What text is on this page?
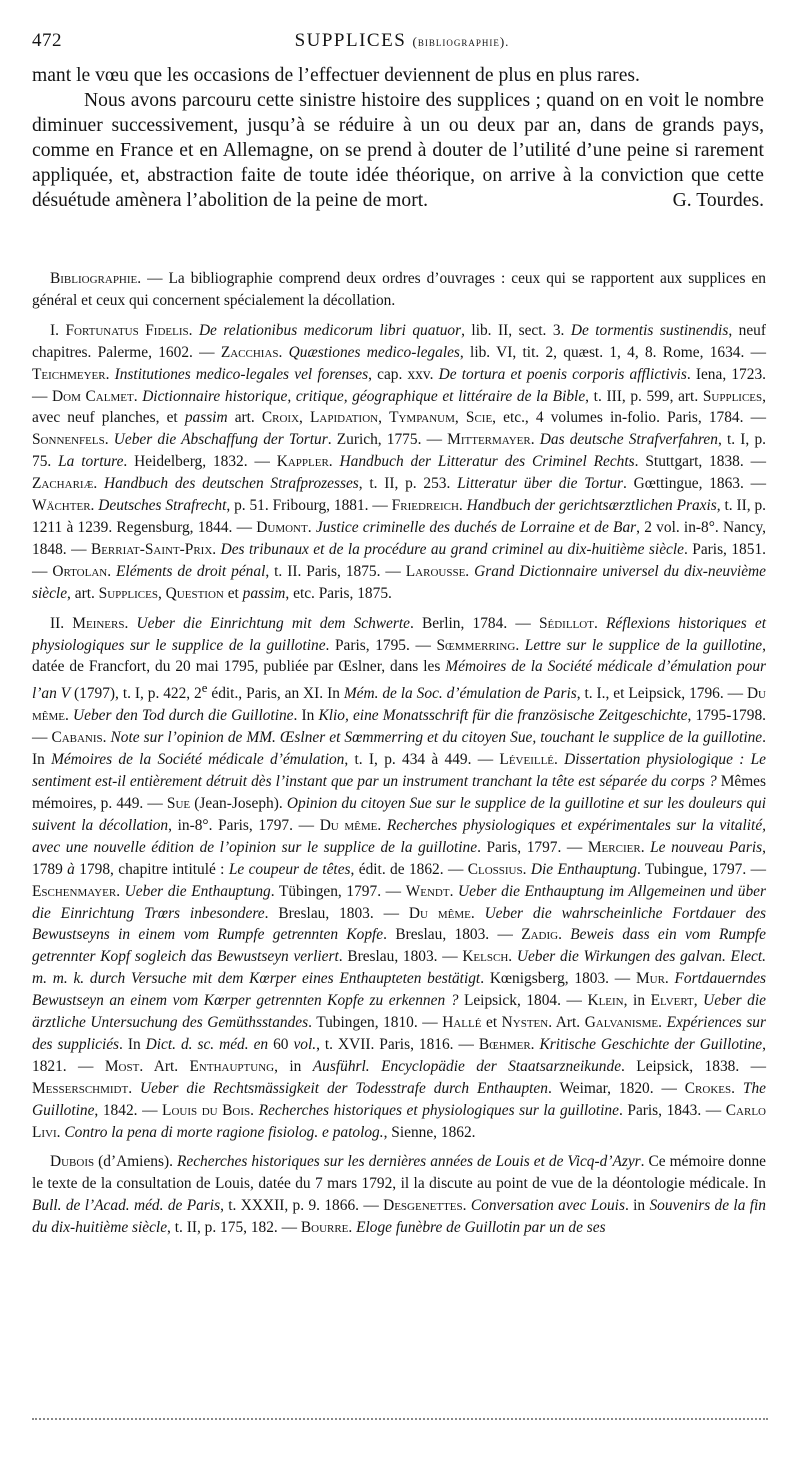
472	SUPPLICES (bibliographie).

mant le vœu que les occasions de l’effectuer deviennent de plus en plus rares.

Nous avons parcouru cette sinistre histoire des supplices ; quand on en voit le nombre diminuer successivement, jusqu’à se réduire à un ou deux par an, dans de grands pays, comme en France et en Allemagne, on se prend à douter de l’utilité d’une peine si rarement appliquée, et, abstraction faite de toute idée théorique, on arrive à la conviction que cette désuétude amènera l’abolition de la peine de mort.	G. Tourdes.

Bibliographie. — La bibliographie comprend deux ordres d’ouvrages : ceux qui se rapportent aux supplices en général et ceux qui concernent spécialement la décollation.

I. Fortunatus Fidelis. De relationibus medicorum libri quatuor, lib. II, sect. 3. De tormentis sustinendis, neuf chapitres. Palerme, 1602. — Zacchias. Quæstiones medico-legales, lib. VI, tit. 2, quæst. 1, 4, 8. Rome, 1634. — Teichmeyer. Institutiones medico-legales vel forenses, cap. xxv. De tortura et poenis corporis afflictivis. Iena, 1723. — Dom Calmet. Dictionnaire historique, critique, géographique et littéraire de la Bible, t. III, p. 599, art. Supplices, avec neuf planches, et passim art. Croix, Lapidation, Tympanum, Scie, etc., 4 volumes in-folio. Paris, 1784. — Sonnenfels. Ueber die Abschaffung der Tortur. Zurich, 1775. — Mittermayer. Das deutsche Strafverfahren, t. I, p. 75. La torture. Heidelberg, 1832. — Kappler. Handbuch der Litteratur des Criminel Rechts. Stuttgart, 1838. — Zachariæ. Handbuch des deutschen Strafprozesses, t. II, p. 253. Litteratur über die Tortur. Gœttingue, 1863. — Wächter. Deutsches Strafrecht, p. 51. Fribourg, 1881. — Friedreich. Handbuch der gerichtsærztlichen Praxis, t. II, p. 1211 à 1239. Regensburg, 1844. — Dumont. Justice criminelle des duchés de Lorraine et de Bar, 2 vol. in-8°. Nancy, 1848. — Berriat-Saint-Prix. Des tribunaux et de la procédure au grand criminel au dix-huitième siècle. Paris, 1851. — Ortolan. Eléments de droit pénal, t. II. Paris, 1875. — Larousse. Grand Dictionnaire universel du dix-neuvième siècle, art. Supplices, Question et passim, etc. Paris, 1875.

II. Meiners. Ueber die Einrichtung mit dem Schwerte. Berlin, 1784. — Sédillot. Réflexions historiques et physiologiques sur le supplice de la guillotine. Paris, 1795. — Sœmmerring. Lettre sur le supplice de la guillotine, datée de Francfort, du 20 mai 1795, publiée par Œslner, dans les Mémoires de la Société médicale d’émulation pour l’an V (1797), t. I, p. 422, 2e édit., Paris, an XI. In Mém. de la Soc. d’émulation de Paris, t. I., et Leipsick, 1796. — Du même. Ueber den Tod durch die Guillotine. In Klio, eine Monatsschrift für die französische Zeitgeschichte, 1795-1798. — Cabanis. Note sur l’opinion de MM. Œslner et Sœmmerring et du citoyen Sue, touchant le supplice de la guillotine. In Mémoires de la Société médicale d’émulation, t. I, p. 434 à 449. — Léveillé. Dissertation physiologique : Le sentiment est-il entièrement détruit dès l’instant que par un instrument tranchant la tête est séparée du corps ? Mêmes mémoires, p. 449. — Sue (Jean-Joseph). Opinion du citoyen Sue sur le supplice de la guillotine et sur les douleurs qui suivent la décollation, in-8°. Paris, 1797. — Du même. Recherches physiologiques et expérimentales sur la vitalité, avec une nouvelle édition de l’opinion sur le supplice de la guillotine. Paris, 1797. — Mercier. Le nouveau Paris, 1789 à 1798, chapitre intitulé : Le coupeur de têtes, édit. de 1862. — Clossius. Die Enthauptung. Tubingue, 1797. — Eschenmayer. Ueber die Enthauptung. Tübingen, 1797. — Wendt. Ueber die Enthauptung im Allgemeinen und über die Einrichtung Trœrs inbesondere. Breslau, 1803. — Du même. Ueber die wahrscheinliche Fortdauer des Bewustseyns in einem vom Rumpfe getrennten Kopfe. Breslau, 1803. — Zadig. Beweis dass ein vom Rumpfe getrennter Kopf sogleich das Bewustseyn verliert. Breslau, 1803. — Kelsch. Ueber die Wirkungen des galvan. Elect. m. m. k. durch Versuche mit dem Kœrper eines Enthaupteten bestätigt. Kœnigsberg, 1803. — Mur. Fortdauerndes Bewustseyn an einem vom Kœrper getrennten Kopfe zu erkennen ? Leipsick, 1804. — Klein, in Elvert, Ueber die ärztliche Untersuchung des Gemüthsstandes. Tubingen, 1810. — Hallé et Nysten. Art. Galvanisme. Expériences sur des suppliciés. In Dict. d. sc. méd. en 60 vol., t. XVII. Paris, 1816. — Bœhmer. Kritische Geschichte der Guillotine, 1821. — Most. Art. Enthauptung, in Ausführl. Encyclopädie der Staatsarzneikunde. Leipsick, 1838. — Messerschmidt. Ueber die Rechtsmässigkeit der Todesstrafe durch Enthaupten. Weimar, 1820. — Crokes. The Guillotine, 1842. — Louis du Bois. Recherches historiques et physiologiques sur la guillotine. Paris, 1843. — Carlo Livi. Contro la pena di morte ragione fisiolog. e patolog., Sienne, 1862.

Dubois (d’Amiens). Recherches historiques sur les dernières années de Louis et de Vicq-d’Azyr. Ce mémoire donne le texte de la consultation de Louis, datée du 7 mars 1792, il la discute au point de vue de la déontologie médicale. In Bull. de l’Acad. méd. de Paris, t. XXXII, p. 9. 1866. — Desgenettes. Conversation avec Louis. in Souvenirs de la fin du dix-huitième siècle, t. II, p. 175, 182. — Bourre. Eloge funèbre de Guillotin par un de ses
